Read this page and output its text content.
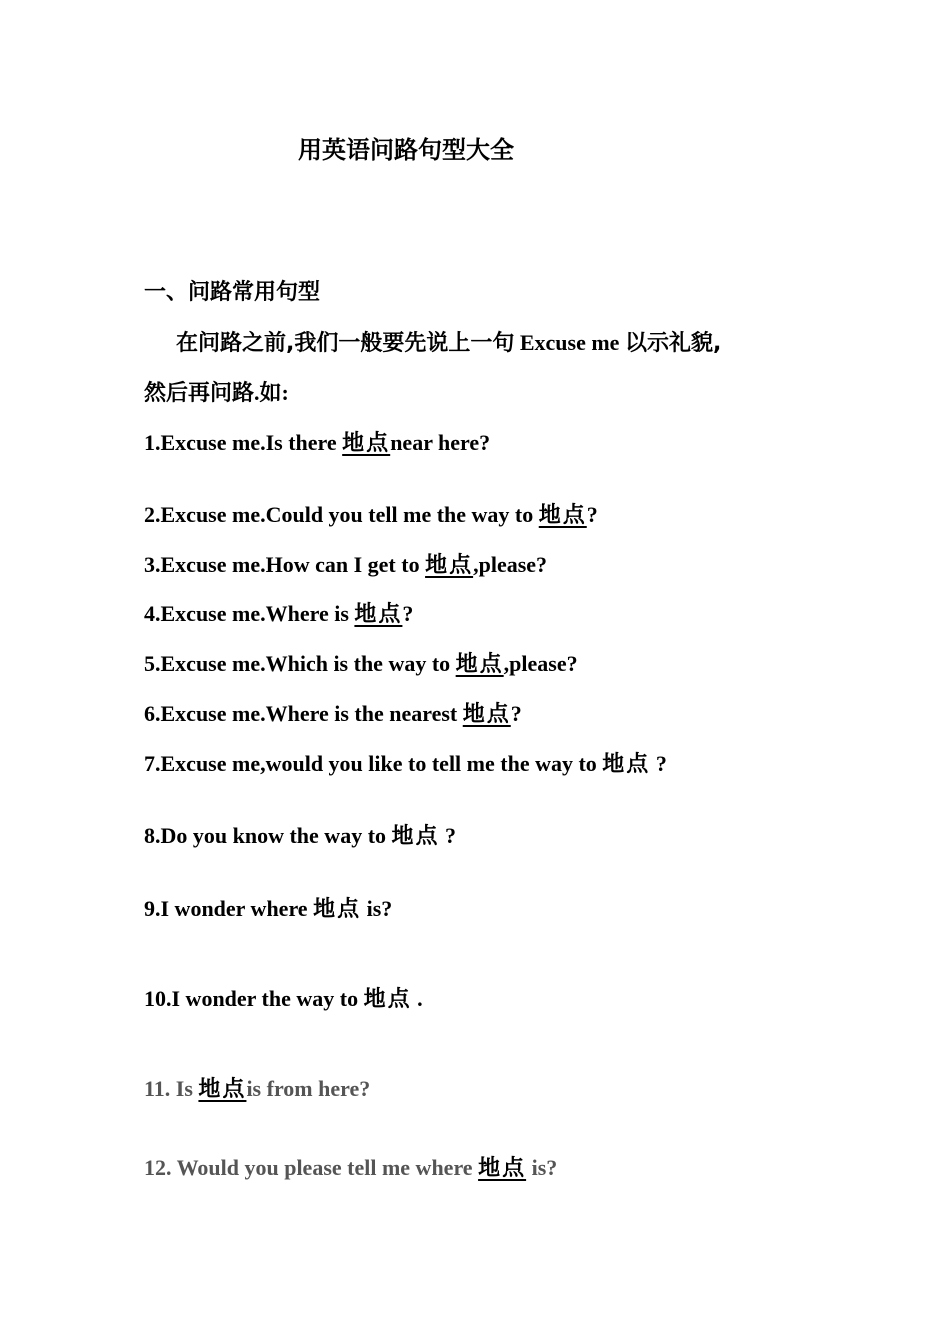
用英语问路句型大全
一、问路常用句型
在问路之前,我们一般要先说上一句 Excuse me 以示礼貌,
然后再问路.如:
1.Excuse me.Is there 地点near here?
2.Excuse me.Could you tell me the way to 地点?
3.Excuse me.How can I get to 地点,please?
4.Excuse me.Where is 地点?
5.Excuse me.Which is the way to 地点,please?
6.Excuse me.Where is the nearest 地点?
7.Excuse me,would you like to tell me the way to 地点 ?
8.Do you know the way to 地点 ?
9.I wonder where 地点 is?
10.I wonder the way to 地点 .
11. Is 地点is from here?
12. Would you please tell me where 地点 is?
